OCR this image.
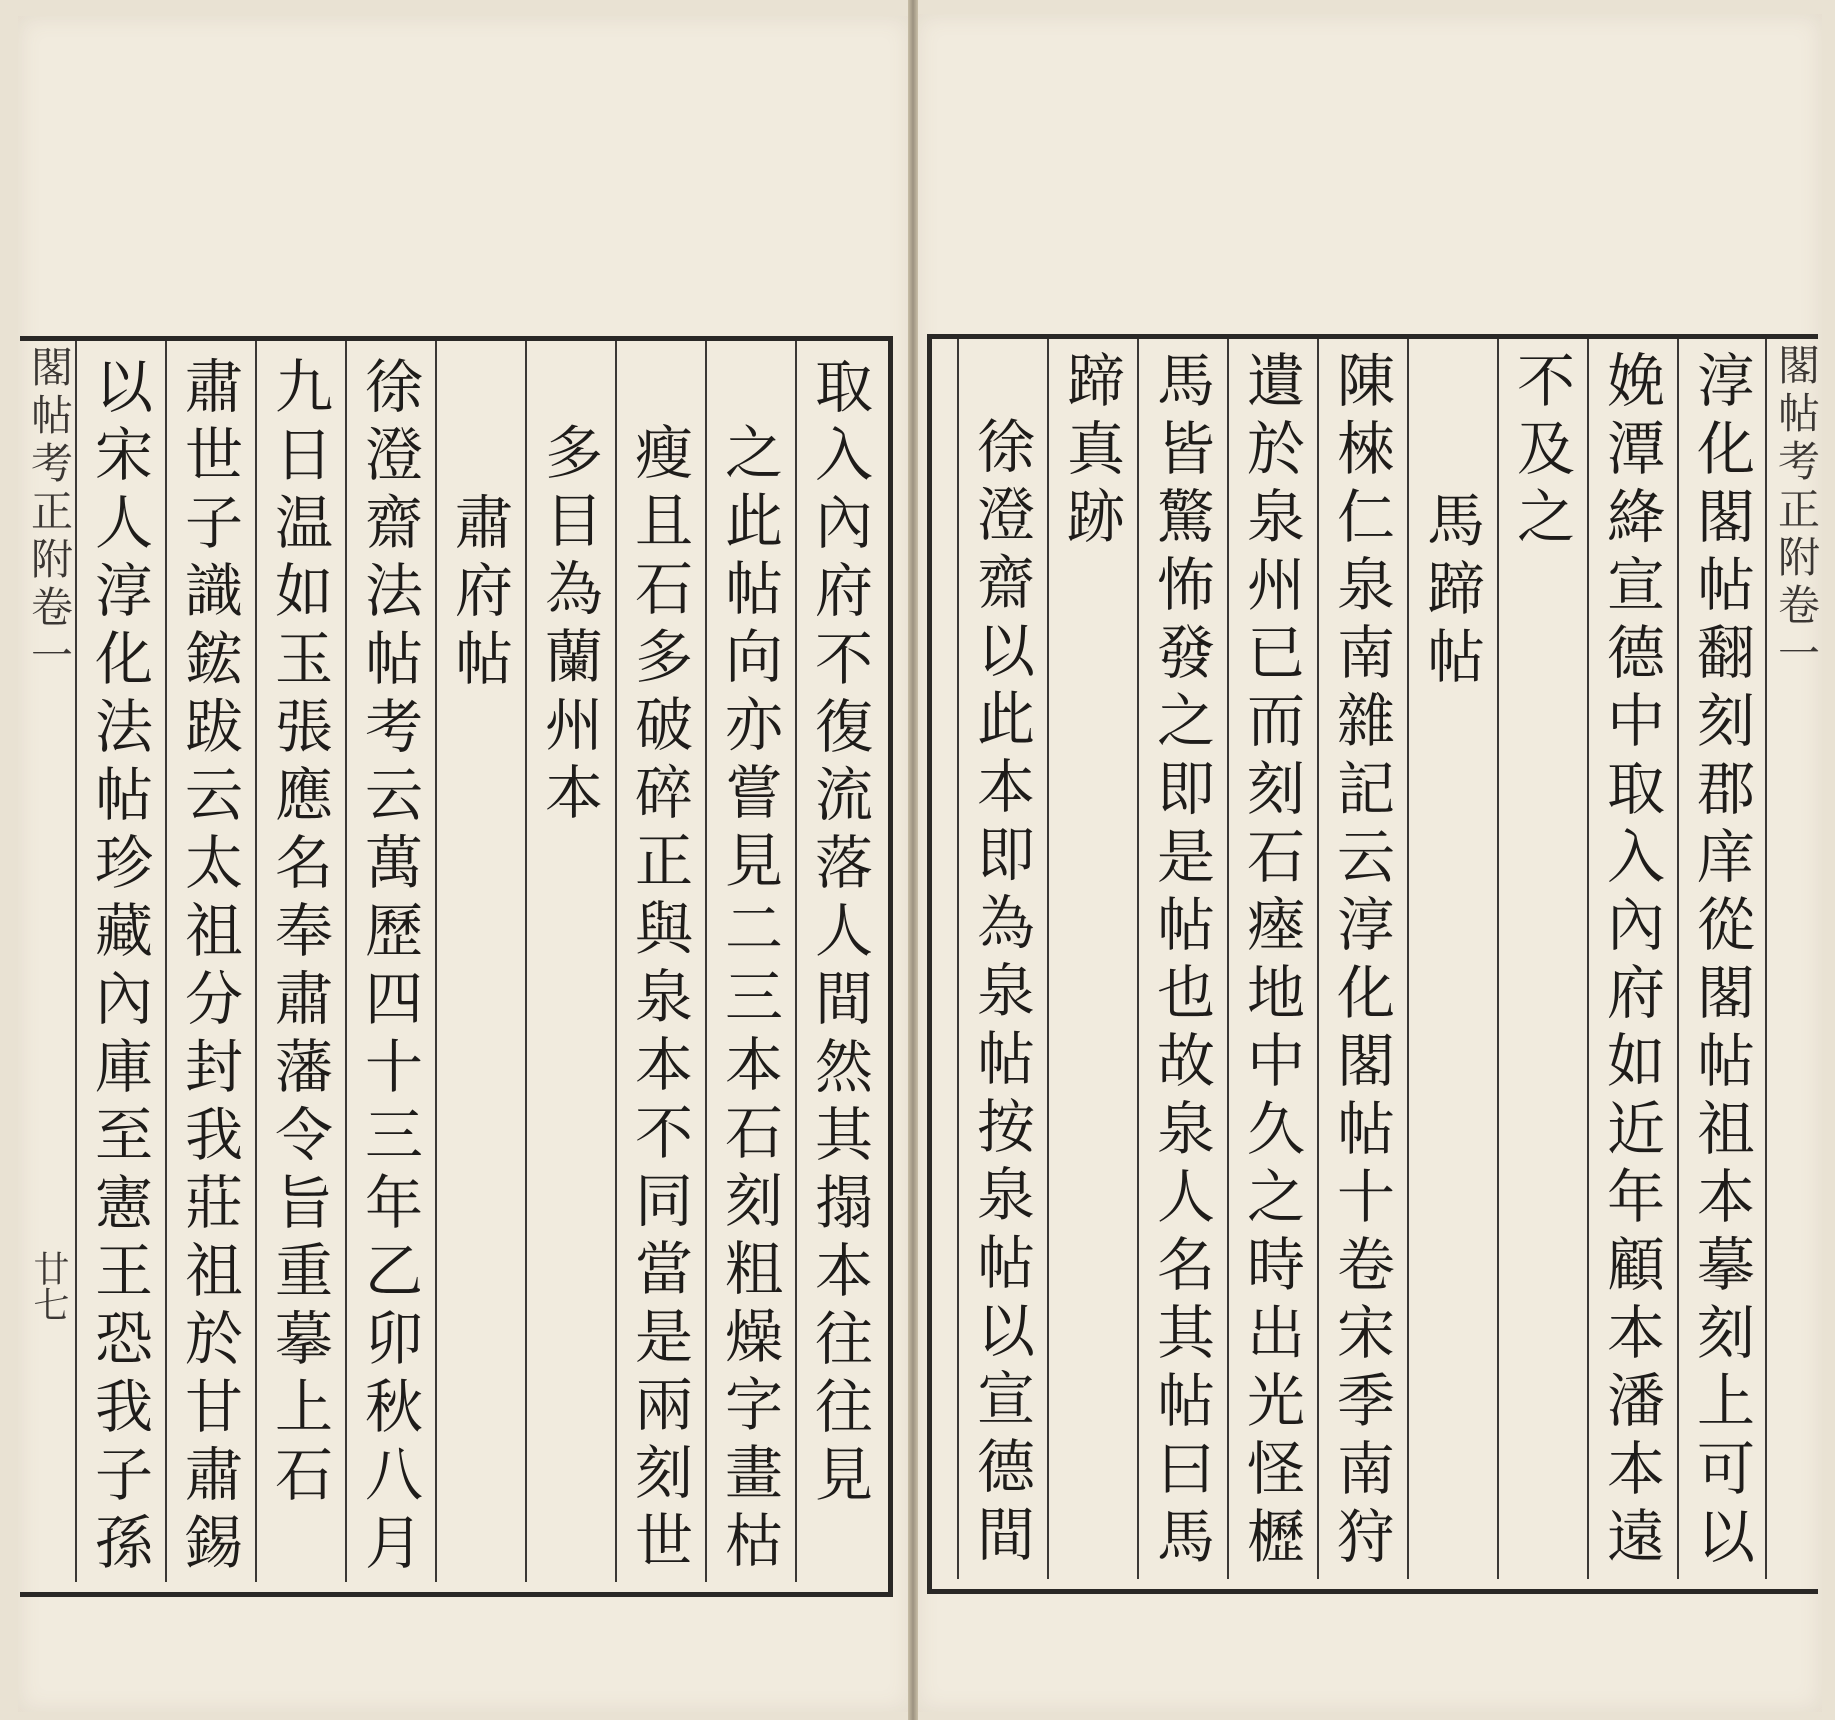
閣帖考正附卷一
廿七	取入內府不復流落人間然其搨本往往見
之此帖向亦嘗見二三本石刻粗燥字畫枯
瘦且石多破碎正與泉本不同當是兩刻世
多目為蘭州本
肅府帖
徐澄齋法帖考云萬歷四十三年乙卯秋八月
九日温如玉張應名奉肅藩令旨重摹上石
肅世子識鋐跋云太祖分封我莊祖於甘肅錫
以宋人淳化法帖珍藏內庫至憲王恐我子孫	閣帖考正附卷一
淳化閣帖翻刻郡庠從閣帖祖本摹刻上可以
娩潭絳宣德中取入內府如近年顧本潘本遠
不及之
馬蹄帖
陳棶仁泉南雜記云淳化閣帖十卷宋季南狩
遺於泉州已而刻石瘞地中久之時出光怪櫪
馬皆驚怖發之即是帖也故泉人名其帖曰馬
蹄真跡
徐澄齋以此本即為泉帖按泉帖以宣德間
